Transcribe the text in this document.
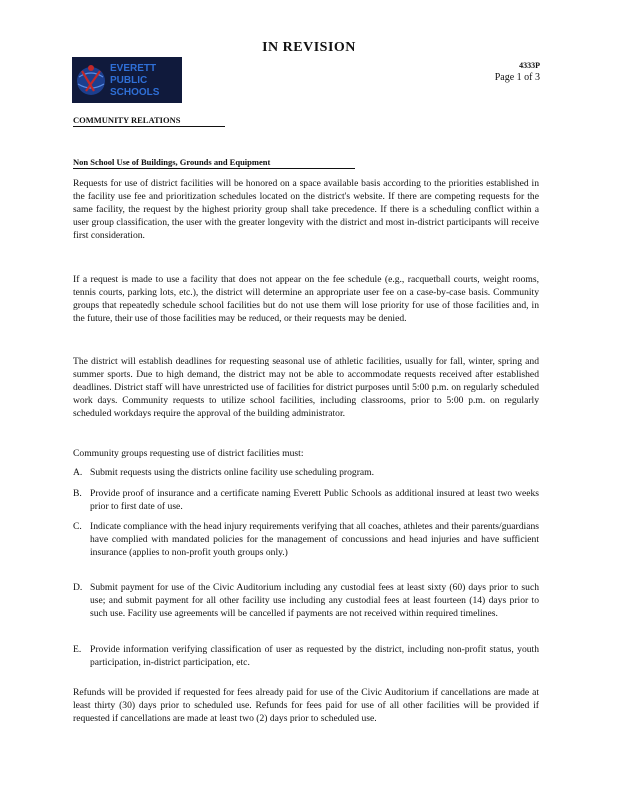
IN REVISION
EVERETT
PUBLIC
SCHOOLS
4333P
Page 1 of 3
COMMUNITY RELATIONS
Non School Use of Buildings, Grounds and Equipment
Requests for use of district facilities will be honored on a space available basis according to the priorities established in the facility use fee and prioritization schedules located on the district's website. If there are competing requests for the same facility, the request by the highest priority group shall take precedence. If there is a scheduling conflict within a user group classification, the user with the greater longevity with the district and most in-district participants will receive first consideration.
If a request is made to use a facility that does not appear on the fee schedule (e.g., racquetball courts, weight rooms, tennis courts, parking lots, etc.), the district will determine an appropriate user fee on a case-by-case basis. Community groups that repeatedly schedule school facilities but do not use them will lose priority for use of those facilities and, in the future, their use of those facilities may be reduced, or their requests may be denied.
The district will establish deadlines for requesting seasonal use of athletic facilities, usually for fall, winter, spring and summer sports. Due to high demand, the district may not be able to accommodate requests received after established deadlines. District staff will have unrestricted use of facilities for district purposes until 5:00 p.m. on regularly scheduled work days. Community requests to utilize school facilities, including classrooms, prior to 5:00 p.m. on regularly scheduled workdays require the approval of the building administrator.
Community groups requesting use of district facilities must:
A. Submit requests using the districts online facility use scheduling program.
B. Provide proof of insurance and a certificate naming Everett Public Schools as additional insured at least two weeks prior to first date of use.
C. Indicate compliance with the head injury requirements verifying that all coaches, athletes and their parents/guardians have complied with mandated policies for the management of concussions and head injuries and have sufficient insurance (applies to non-profit youth groups only.)
D. Submit payment for use of the Civic Auditorium including any custodial fees at least sixty (60) days prior to such use; and submit payment for all other facility use including any custodial fees at least fourteen (14) days prior to such use. Facility use agreements will be cancelled if payments are not received within required timelines.
E. Provide information verifying classification of user as requested by the district, including non-profit status, youth participation, in-district participation, etc.
Refunds will be provided if requested for fees already paid for use of the Civic Auditorium if cancellations are made at least thirty (30) days prior to scheduled use. Refunds for fees paid for use of all other facilities will be provided if requested if cancellations are made at least two (2) days prior to scheduled use.
